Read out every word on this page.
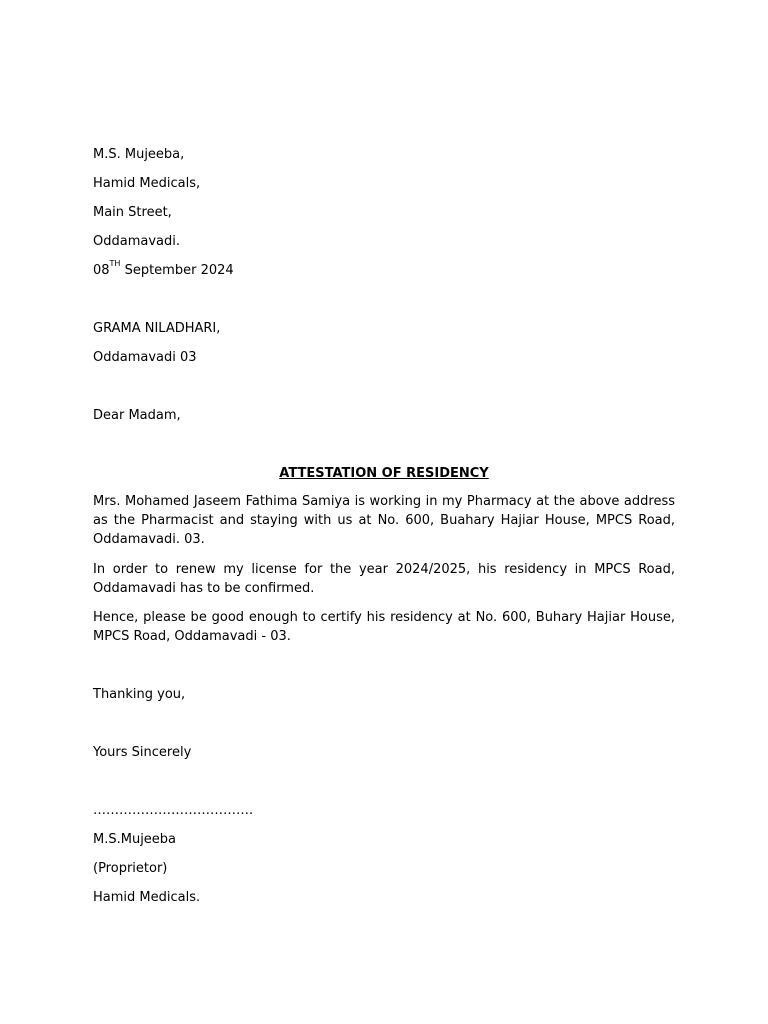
M.S. Mujeeba,
Hamid Medicals,
Main Street,
Oddamavadi.
08TH September 2024
GRAMA NILADHARI,
Oddamavadi 03
Dear Madam,
ATTESTATION OF RESIDENCY

Mrs. Mohamed Jaseem Fathima Samiya is working in my Pharmacy at the above address as the Pharmacist and staying with us at No. 600, Buahary Hajiar House, MPCS Road, Oddamavadi. 03.

In order to renew my license for the year 2024/2025, his residency in MPCS Road, Oddamavadi has to be confirmed.

Hence, please be good enough to certify his residency at No. 600, Buhary Hajiar House, MPCS Road, Oddamavadi - 03.

Thanking you,
Yours Sincerely
……………………………….
M.S.Mujeeba
(Proprietor)
Hamid Medicals.
